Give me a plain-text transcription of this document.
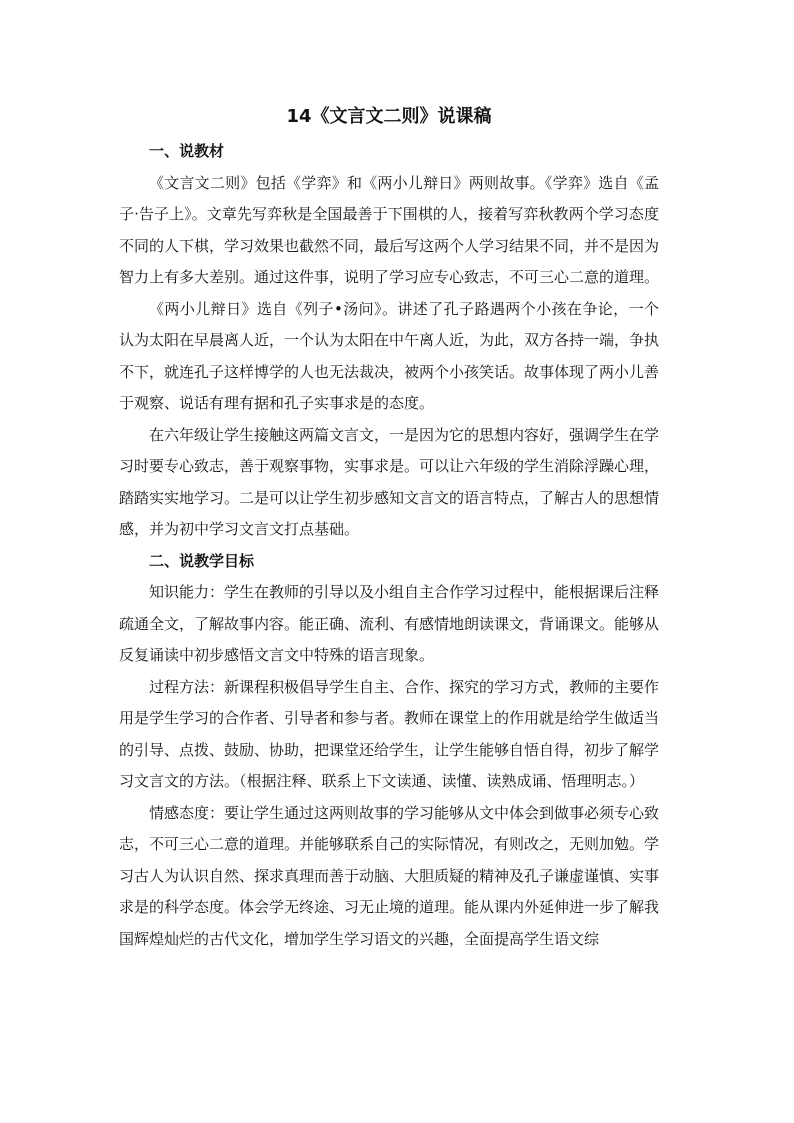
14《文言文二则》说课稿

一、说教材

《文言文二则》包括《学弈》和《两小儿辩日》两则故事。《学弈》选自《孟子·告子上》。文章先写弈秋是全国最善于下围棋的人，接着写弈秋教两个学习态度不同的人下棋，学习效果也截然不同，最后写这两个人学习结果不同，并不是因为智力上有多大差别。通过这件事，说明了学习应专心致志，不可三心二意的道理。

《两小儿辩日》选自《列子•汤问》。讲述了孔子路遇两个小孩在争论，一个认为太阳在早晨离人近，一个认为太阳在中午离人近，为此，双方各持一端，争执不下，就连孔子这样博学的人也无法裁决，被两个小孩笑话。故事体现了两小儿善于观察、说话有理有据和孔子实事求是的态度。

在六年级让学生接触这两篇文言文，一是因为它的思想内容好，强调学生在学习时要专心致志，善于观察事物，实事求是。可以让六年级的学生消除浮躁心理，踏踏实实地学习。二是可以让学生初步感知文言文的语言特点，了解古人的思想情感，并为初中学习文言文打点基础。

二、说教学目标

知识能力：学生在教师的引导以及小组自主合作学习过程中，能根据课后注释疏通全文，了解故事内容。能正确、流利、有感情地朗读课文，背诵课文。能够从反复诵读中初步感悟文言文中特殊的语言现象。

过程方法：新课程积极倡导学生自主、合作、探究的学习方式，教师的主要作用是学生学习的合作者、引导者和参与者。教师在课堂上的作用就是给学生做适当的引导、点拨、鼓励、协助，把课堂还给学生，让学生能够自悟自得，初步了解学习文言文的方法。（根据注释、联系上下文读通、读懂、读熟成诵、悟理明志。）

情感态度：要让学生通过这两则故事的学习能够从文中体会到做事必须专心致志，不可三心二意的道理。并能够联系自己的实际情况，有则改之，无则加勉。学习古人为认识自然、探求真理而善于动脑、大胆质疑的精神及孔子谦虚谨慎、实事求是的科学态度。体会学无终途、习无止境的道理。能从课内外延伸进一步了解我国辉煌灿烂的古代文化，增加学生学习语文的兴趣，全面提高学生语文综
